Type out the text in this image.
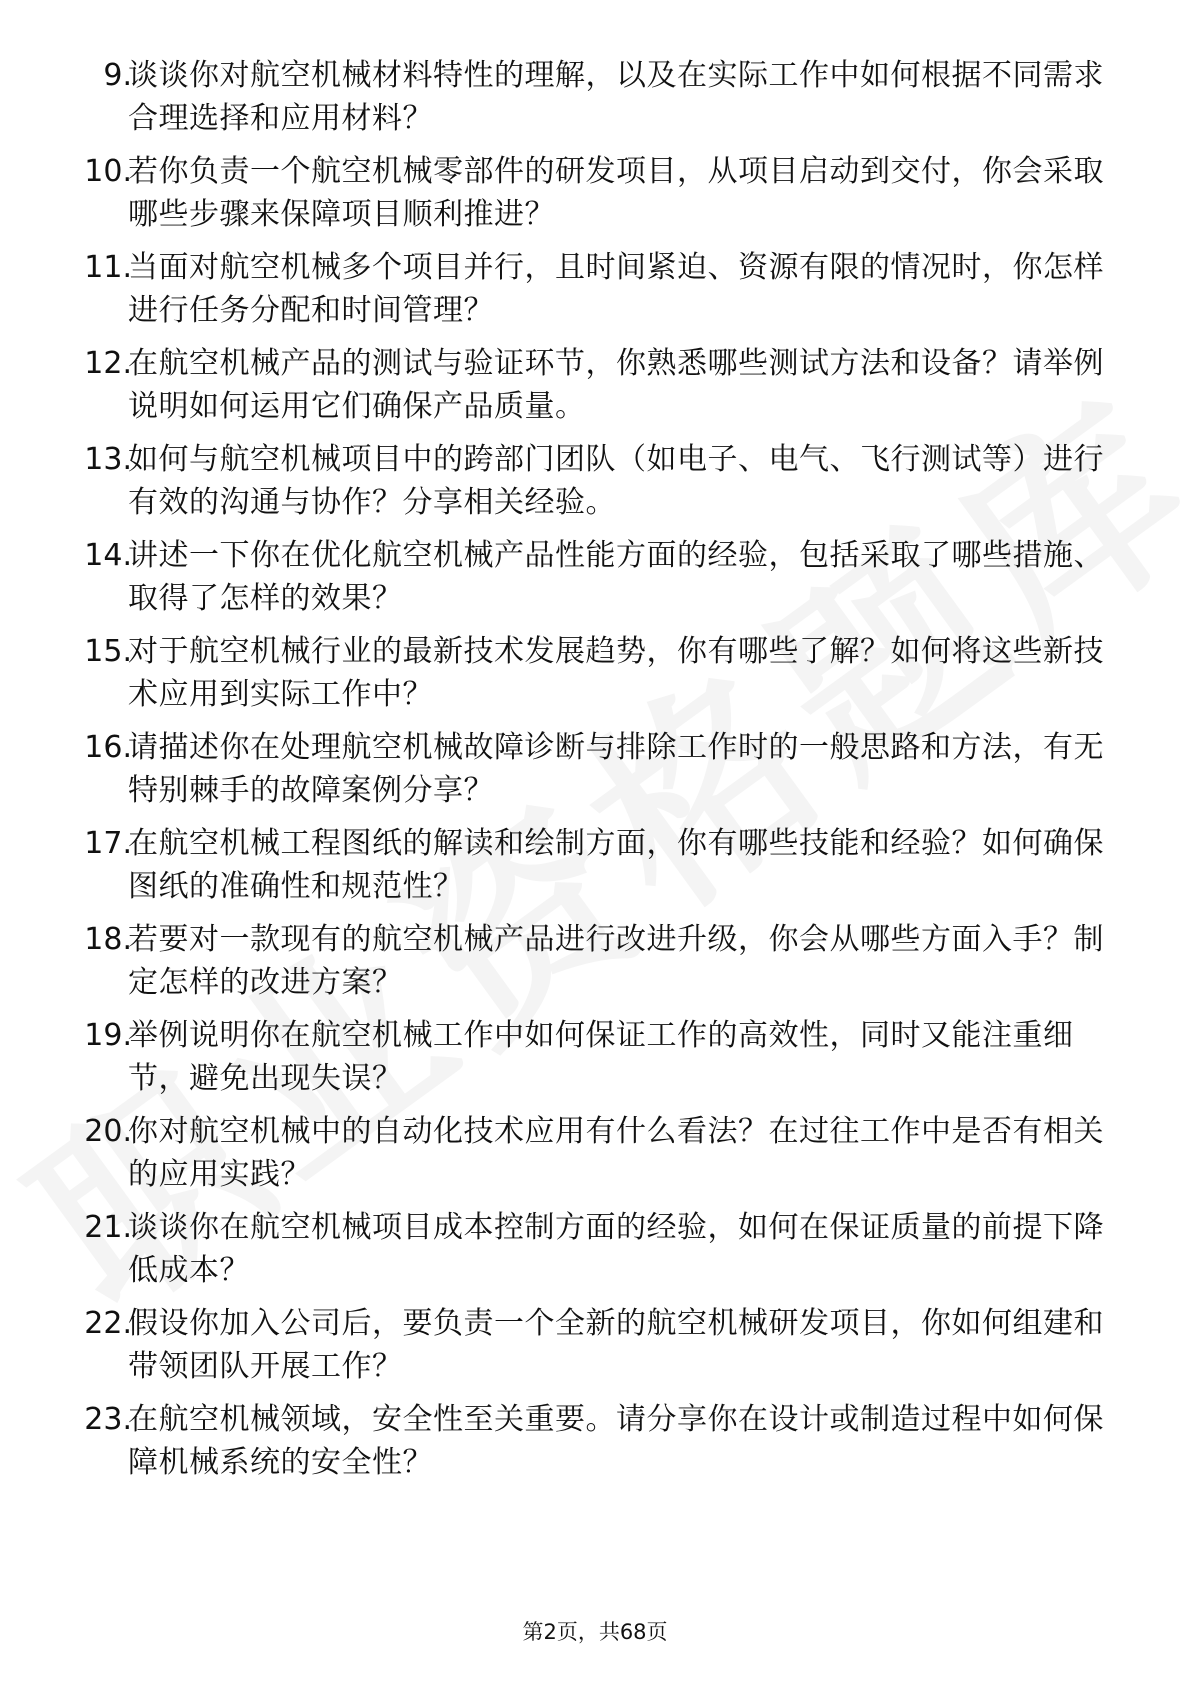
9.
谈谈你对航空机械材料特性的理解，以及在实际工作中如何根据不同需求合理选择和应用材料？
10.
若你负责一个航空机械零部件的研发项目，从项目启动到交付，你会采取哪些步骤来保障项目顺利推进？
11.
当面对航空机械多个项目并行，且时间紧迫、资源有限的情况时，你怎样进行任务分配和时间管理？
12.
在航空机械产品的测试与验证环节，你熟悉哪些测试方法和设备？请举例说明如何运用它们确保产品质量。
13.
如何与航空机械项目中的跨部门团队（如电子、电气、飞行测试等）进行有效的沟通与协作？分享相关经验。
14.
讲述一下你在优化航空机械产品性能方面的经验，包括采取了哪些措施、取得了怎样的效果？
15.
对于航空机械行业的最新技术发展趋势，你有哪些了解？如何将这些新技术应用到实际工作中？
16.
请描述你在处理航空机械故障诊断与排除工作时的一般思路和方法，有无特别棘手的故障案例分享？
17.
在航空机械工程图纸的解读和绘制方面，你有哪些技能和经验？如何确保图纸的准确性和规范性？
18.
若要对一款现有的航空机械产品进行改进升级，你会从哪些方面入手？制定怎样的改进方案？
19.
举例说明你在航空机械工作中如何保证工作的高效性，同时又能注重细节，避免出现失误？
20.
你对航空机械中的自动化技术应用有什么看法？在过往工作中是否有相关的应用实践？
21.
谈谈你在航空机械项目成本控制方面的经验，如何在保证质量的前提下降低成本？
22.
假设你加入公司后，要负责一个全新的航空机械研发项目，你如何组建和带领团队开展工作？
23.
在航空机械领域，安全性至关重要。请分享你在设计或制造过程中如何保障机械系统的安全性？
第2页，共68页
